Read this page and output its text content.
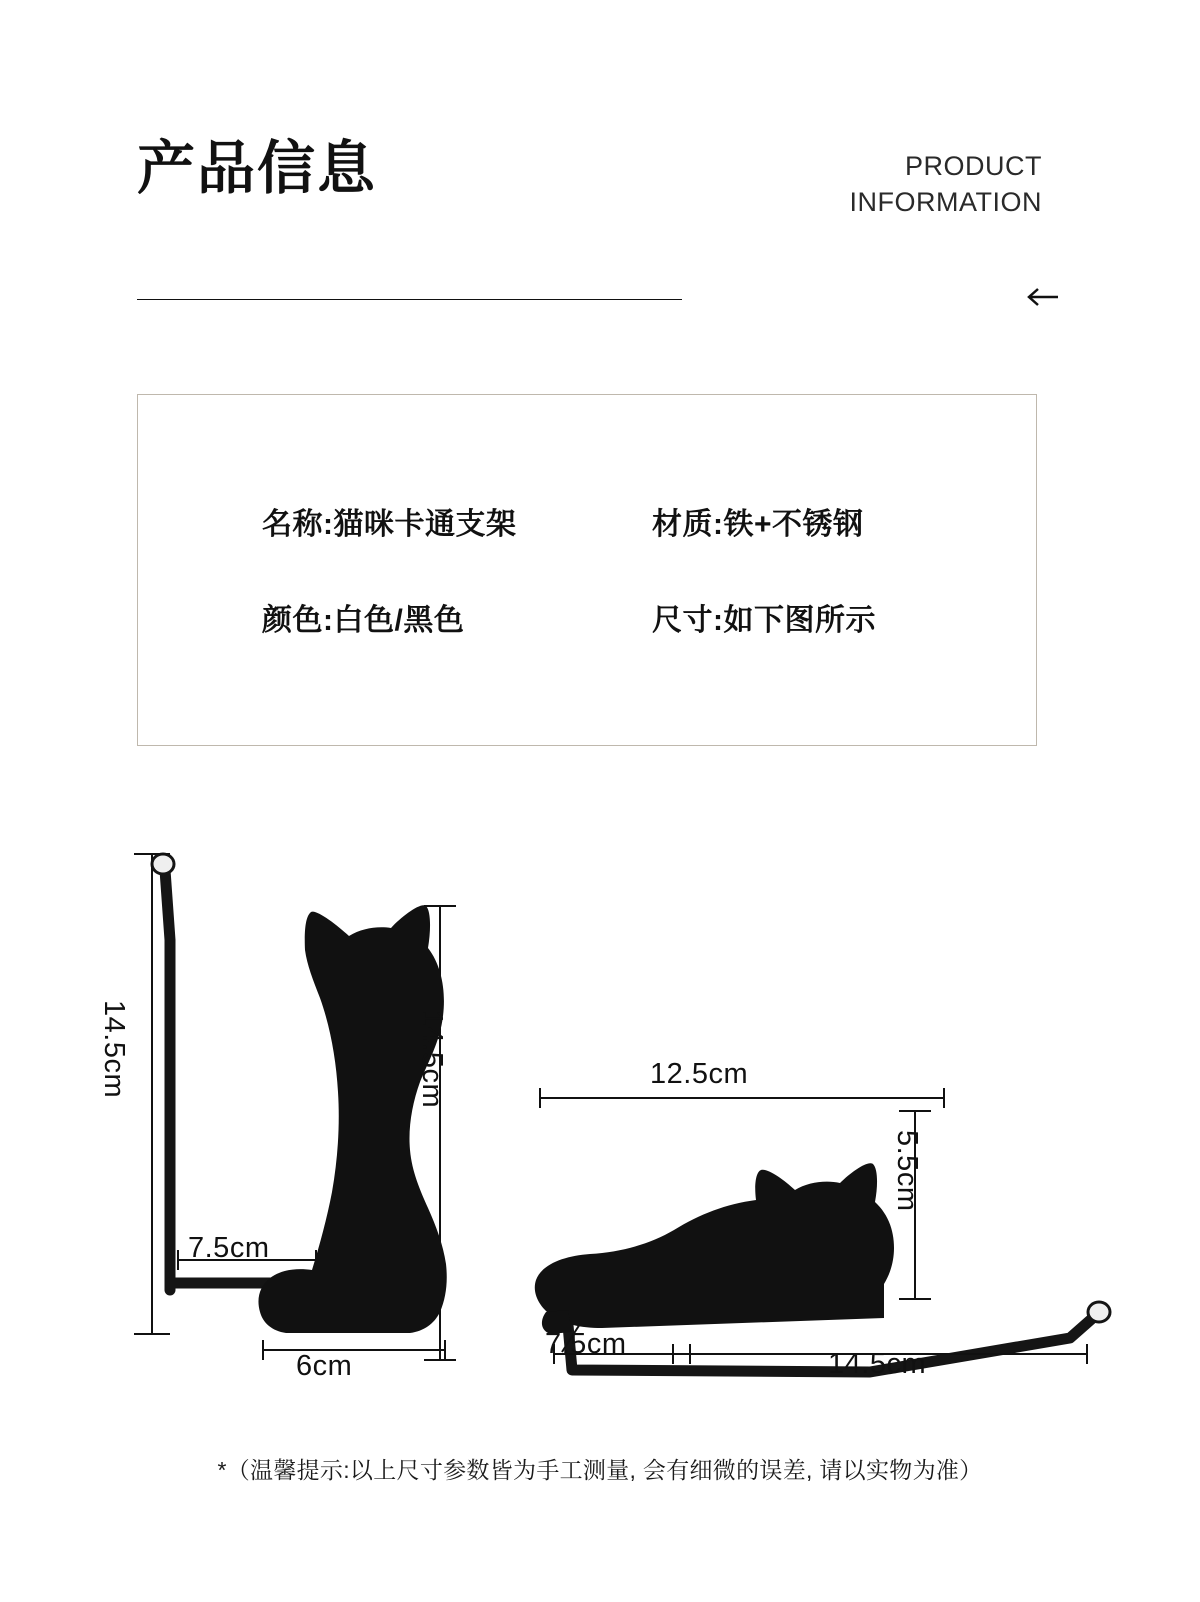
产品信息	PRODUCT
INFORMATION
名称:猫咪卡通支架	材质:铁+不锈钢
颜色:白色/黑色	尺寸:如下图所示
14.5cm	14.5cm
7.5cm
6cm
12.5cm
5.5cm
7.5cm
14.5cm
*（温馨提示:以上尺寸参数皆为手工测量, 会有细微的误差, 请以实物为准）
